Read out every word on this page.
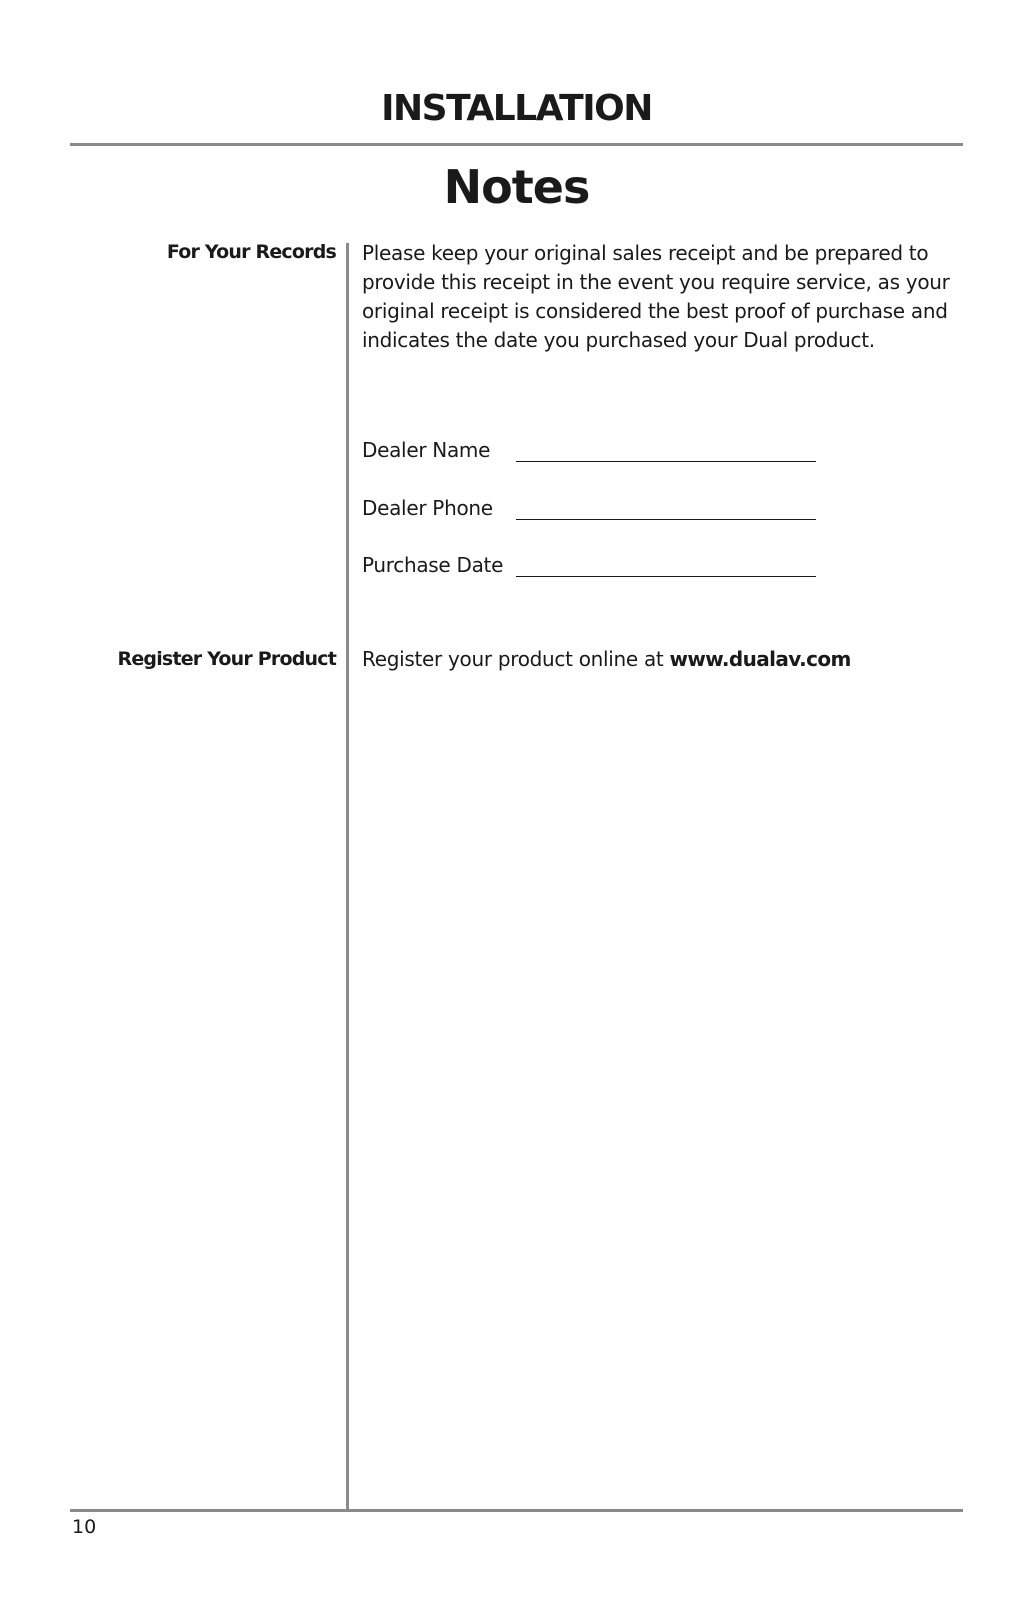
INSTALLATION
Notes
For Your Records Please keep your original sales receipt and be prepared to provide this receipt in the event you require service, as your original receipt is considered the best proof of purchase and indicates the date you purchased your Dual product.
Dealer Name
Dealer Phone
Purchase Date
Register Your Product Register your product online at www.dualav.com
10
